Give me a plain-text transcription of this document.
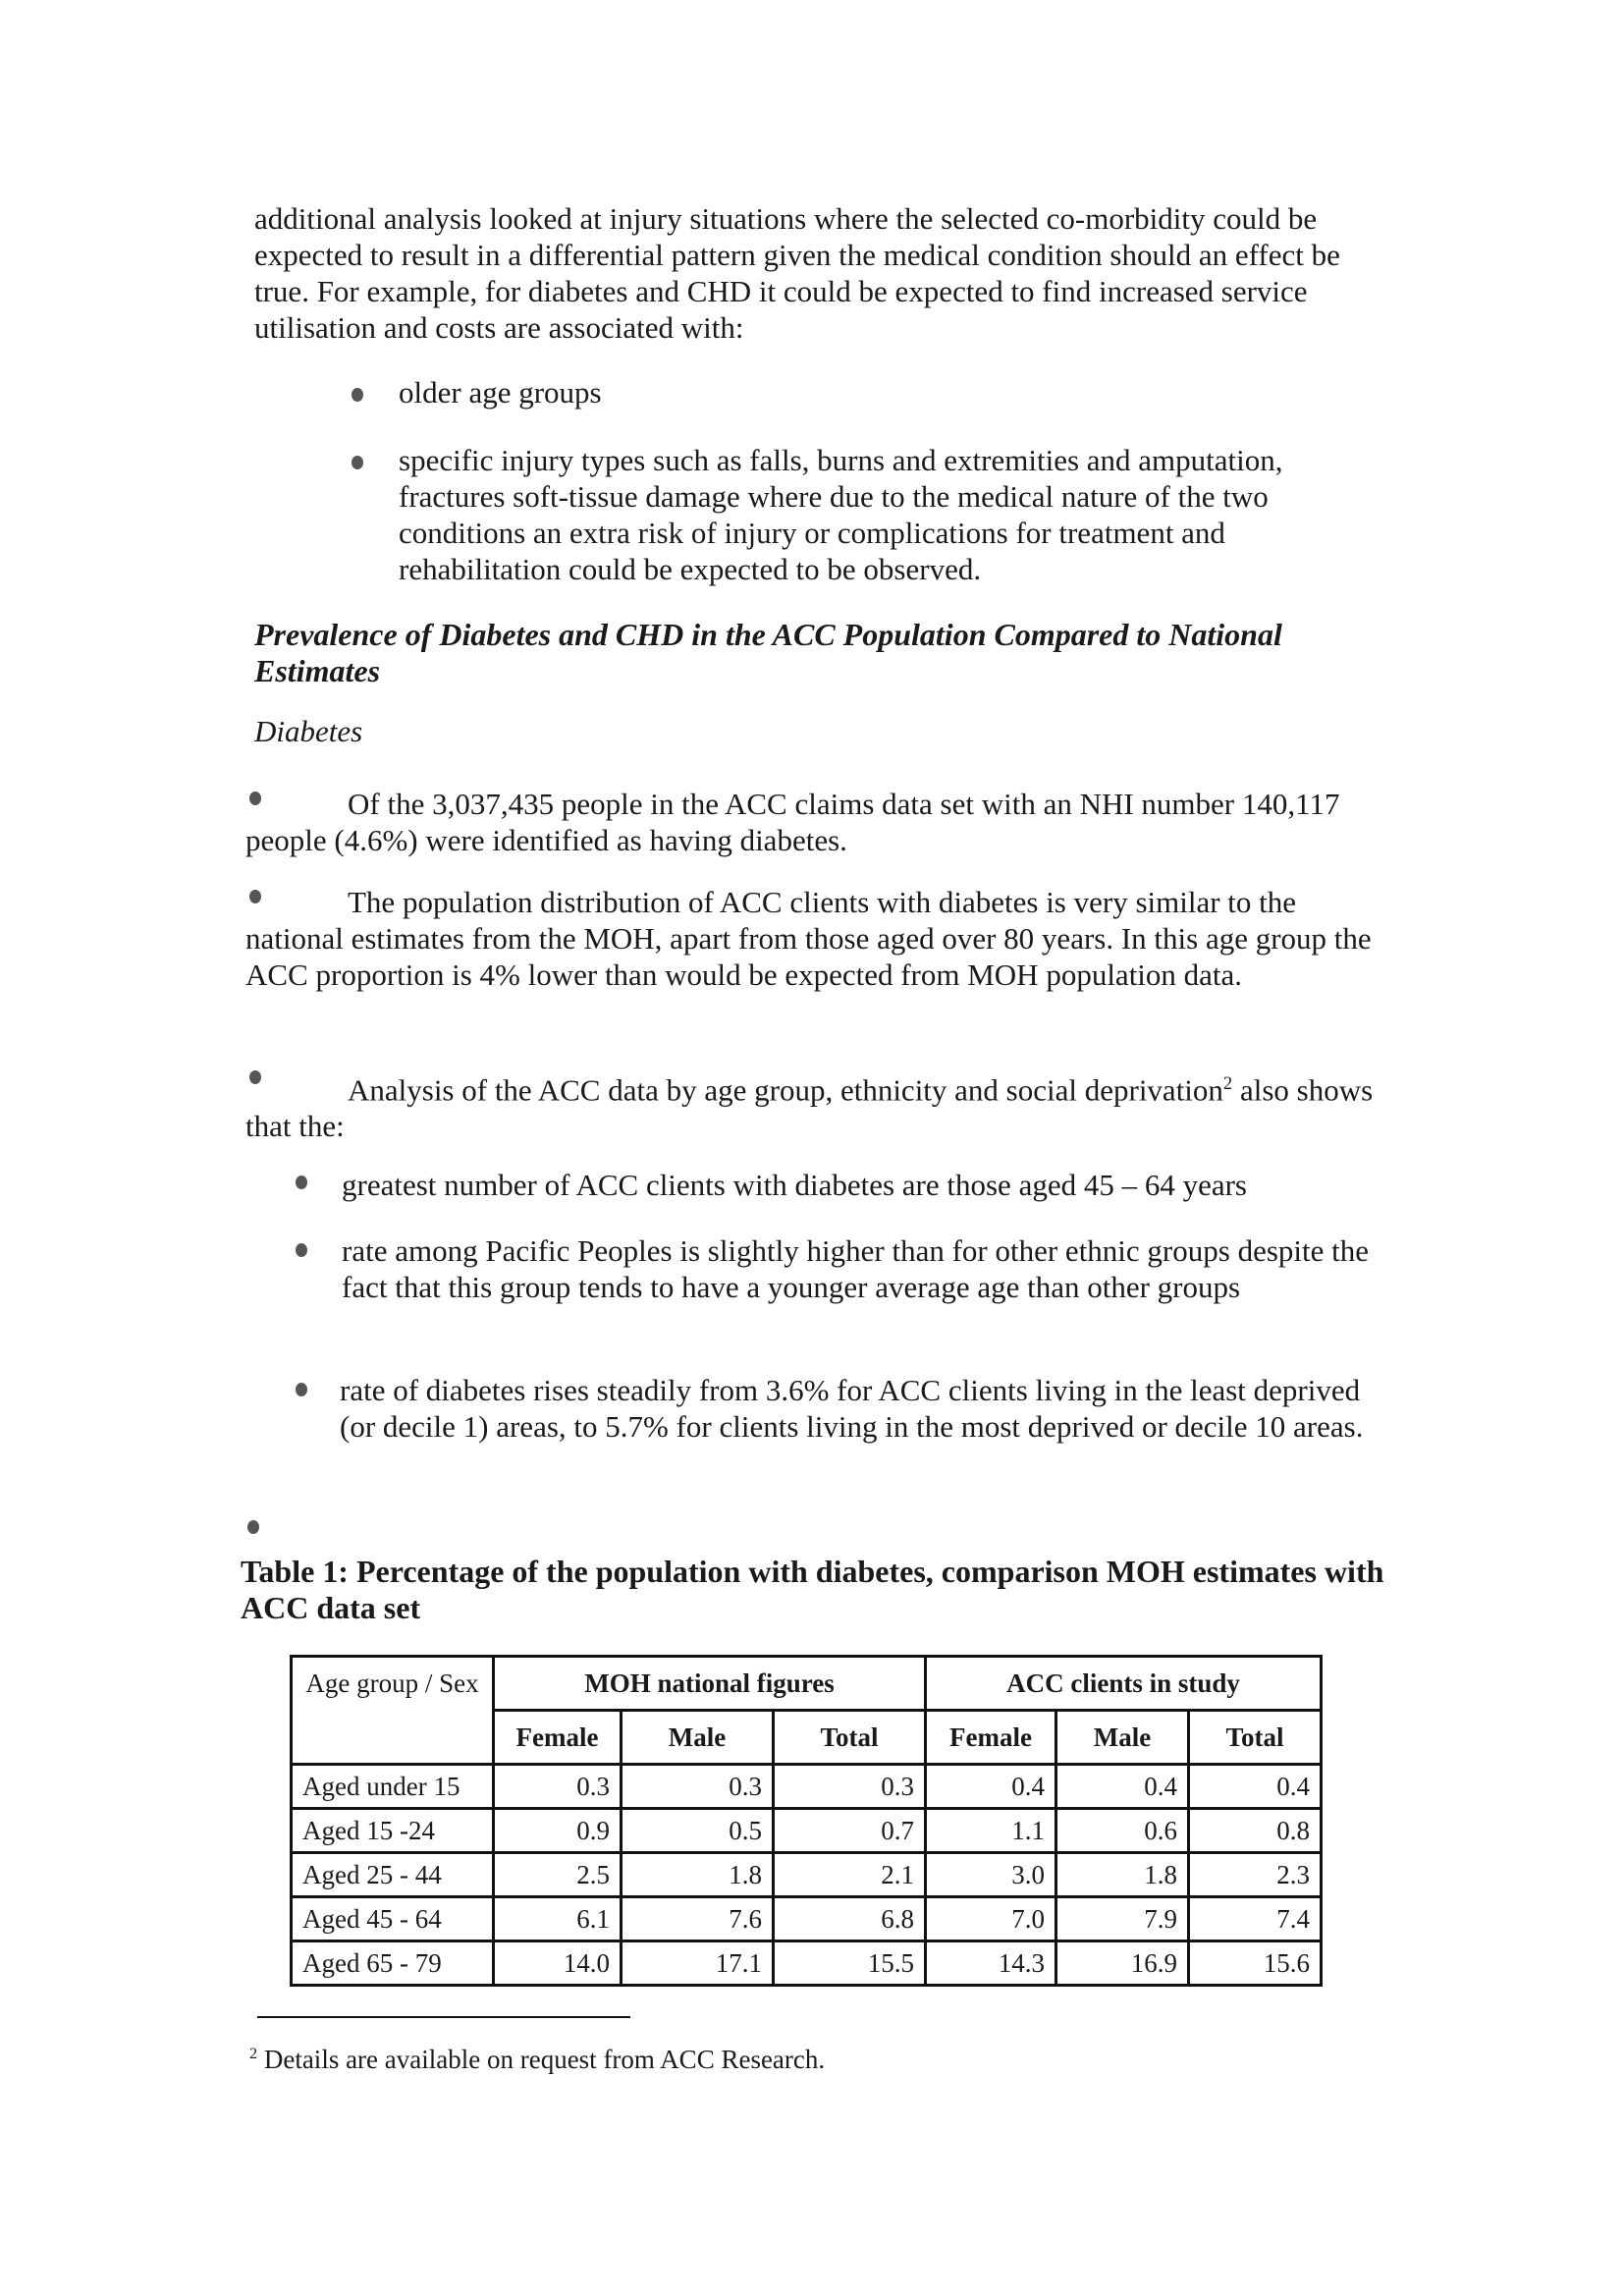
additional analysis looked at injury situations where the selected co-morbidity could be expected to result in a differential pattern given the medical condition should an effect be true. For example, for diabetes and CHD it could be expected to find increased service utilisation and costs are associated with:

older age groups
specific injury types such as falls, burns and extremities and amputation, fractures soft-tissue damage where due to the medical nature of the two conditions an extra risk of injury or complications for treatment and rehabilitation could be expected to be observed.
Prevalence of Diabetes and CHD in the ACC Population Compared to National Estimates
Diabetes
Of the 3,037,435 people in the ACC claims data set with an NHI number 140,117 people (4.6%) were identified as having diabetes.
The population distribution of ACC clients with diabetes is very similar to the national estimates from the MOH, apart from those aged over 80 years. In this age group the ACC proportion is 4% lower than would be expected from MOH population data.
Analysis of the ACC data by age group, ethnicity and social deprivation$^2$ also shows that the:
greatest number of ACC clients with diabetes are those aged 45 – 64 years
rate among Pacific Peoples is slightly higher than for other ethnic groups despite the fact that this group tends to have a younger average age than other groups
rate of diabetes rises steadily from 3.6% for ACC clients living in the least deprived (or decile 1) areas, to 5.7% for clients living in the most deprived or decile 10 areas.
Table 1: Percentage of the population with diabetes, comparison MOH estimates with ACC data set
Age group / Sex	MOH national figures			ACC clients in study		
	Female	Male	Total	Female	Male	Total
Aged under 15	0.3	0.3	0.3	0.4	0.4	0.4
Aged 15 -24	0.9	0.5	0.7	1.1	0.6	0.8
Aged 25 - 44	2.5	1.8	2.1	3.0	1.8	2.3
Aged 45 - 64	6.1	7.6	6.8	7.0	7.9	7.4
Aged 65 - 79	14.0	17.1	15.5	14.3	16.9	15.6
$^2$ Details are available on request from ACC Research.
